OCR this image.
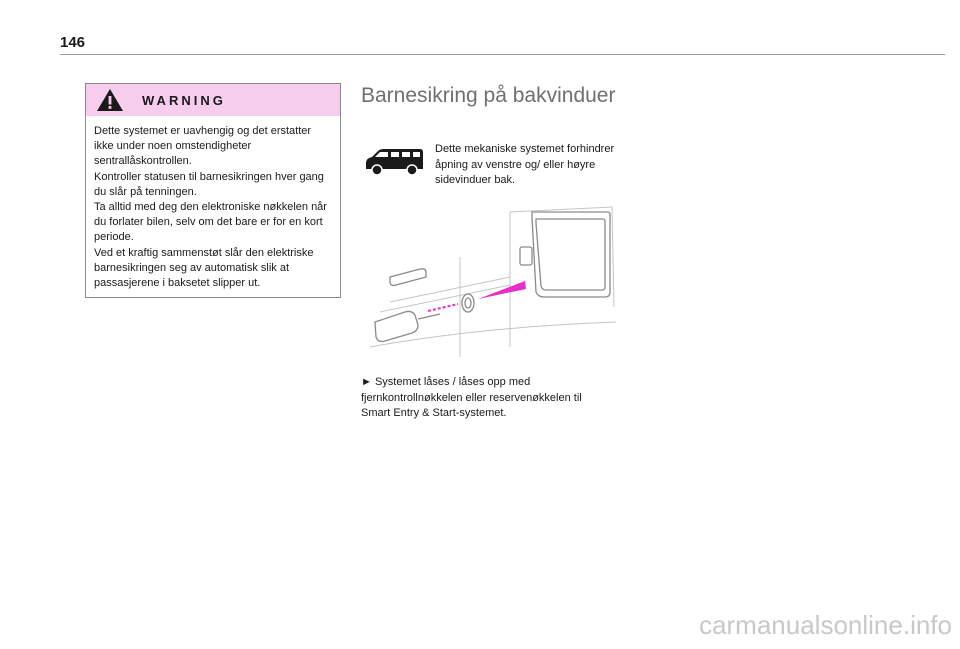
146
WARNING

Dette systemet er uavhengig og det erstatter ikke under noen omstendigheter sentrallåskontrollen.

Kontroller statusen til barnesikringen hver gang du slår på tenningen.

Ta alltid med deg den elektroniske nøkkelen når du forlater bilen, selv om det bare er for en kort periode.

Ved et kraftig sammenstøt slår den elektriske barnesikringen seg av automatisk slik at passasjerene i baksetet slipper ut.

Barnesikring på bakvinduer

Dette mekaniske systemet forhindrer åpning av venstre og/ eller høyre sidevinduer bak.

► Systemet låses / låses opp med fjernkontrollnøkkelen eller reservenøkkelen til Smart Entry & Start-systemet.

carmanualsonline.info
